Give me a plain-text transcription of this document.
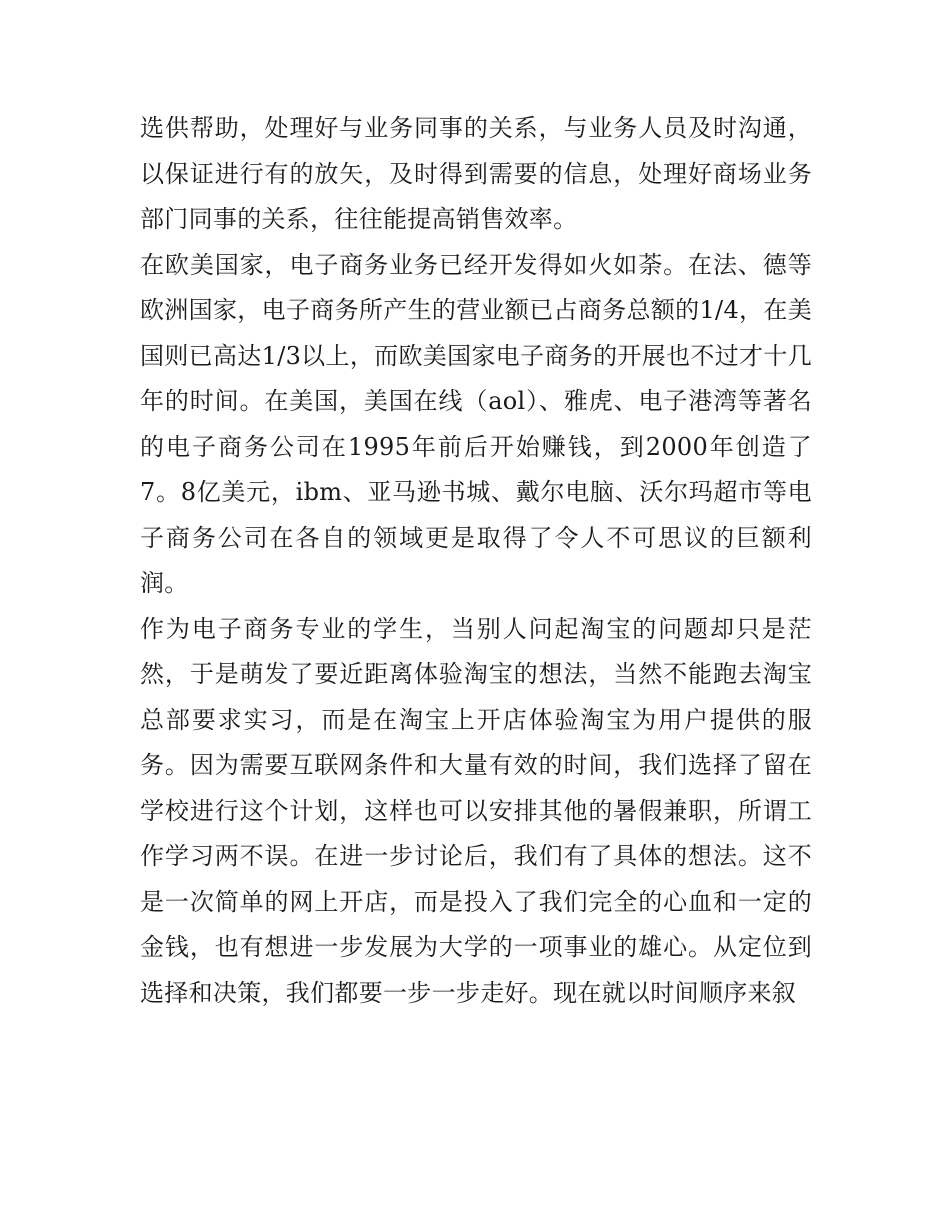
选供帮助，处理好与业务同事的关系，与业务人员及时沟通，以保证进行有的放矢，及时得到需要的信息，处理好商场业务部门同事的关系，往往能提高销售效率。

在欧美国家，电子商务业务已经开发得如火如荼。在法、德等欧洲国家，电子商务所产生的营业额已占商务总额的1/4，在美国则已高达1/3以上，而欧美国家电子商务的开展也不过才十几年的时间。在美国，美国在线（aol）、雅虎、电子港湾等著名的电子商务公司在1995年前后开始赚钱，到2000年创造了7。8亿美元，ibm、亚马逊书城、戴尔电脑、沃尔玛超市等电子商务公司在各自的领域更是取得了令人不可思议的巨额利润。

作为电子商务专业的学生，当别人问起淘宝的问题却只是茫然，于是萌发了要近距离体验淘宝的想法，当然不能跑去淘宝总部要求实习，而是在淘宝上开店体验淘宝为用户提供的服务。因为需要互联网条件和大量有效的时间，我们选择了留在学校进行这个计划，这样也可以安排其他的暑假兼职，所谓工作学习两不误。在进一步讨论后，我们有了具体的想法。这不是一次简单的网上开店，而是投入了我们完全的心血和一定的金钱，也有想进一步发展为大学的一项事业的雄心。从定位到选择和决策，我们都要一步一步走好。现在就以时间顺序来叙
